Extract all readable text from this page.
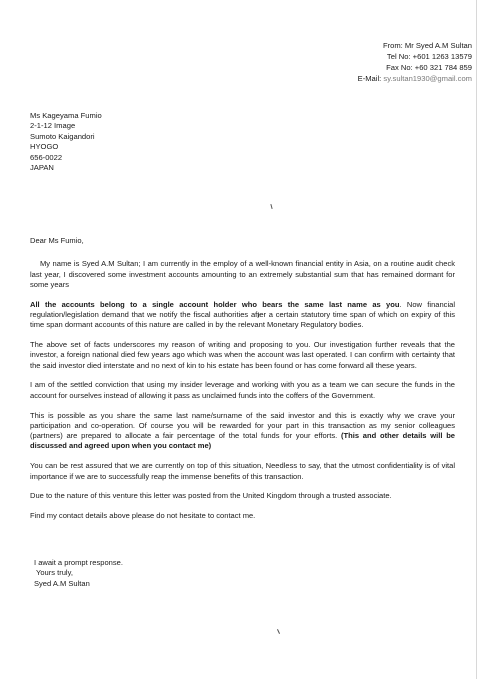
From: Mr Syed A.M Sultan
Tel No: +601 1263 13579
Fax No: +60 321 784 859
E-Mail: sy.sultan1930@gmail.com
Ms Kageyama Fumio
2-1-12 Image
Sumoto Kaigandori
HYOGO
656-0022
JAPAN

Dear Ms Fumio,

My name is Syed A.M Sultan; I am currently in the employ of a well-known financial entity in Asia, on a routine audit check last year, I discovered some investment accounts amounting to an extremely substantial sum that has remained dormant for some years

All the accounts belong to a single account holder who bears the same last name as you. Now financial regulation/legislation demand that we notify the fiscal authorities after a certain statutory time span of which on expiry of this time span dormant accounts of this nature are called in by the relevant Monetary Regulatory bodies.

The above set of facts underscores my reason of writing and proposing to you. Our investigation further reveals that the investor, a foreign national died few years ago which was when the account was last operated. I can confirm with certainty that the said investor died interstate and no next of kin to his estate has been found or has come forward all these years.

I am of the settled conviction that using my insider leverage and working with you as a team we can secure the funds in the account for ourselves instead of allowing it pass as unclaimed funds into the coffers of the Government.

This is possible as you share the same last name/surname of the said investor and this is exactly why we crave your participation and co-operation. Of course you will be rewarded for your part in this transaction as my senior colleagues (partners) are prepared to allocate a fair percentage of the total funds for your efforts. (This and other details will be discussed and agreed upon when you contact me)

You can be rest assured that we are currently on top of this situation, Needless to say, that the utmost confidentiality is of vital importance if we are to successfully reap the immense benefits of this transaction.

Due to the nature of this venture this letter was posted from the United Kingdom through a trusted associate.

Find my contact details above please do not hesitate to contact me.

I await a prompt response.
Yours truly,
Syed A.M Sultan
